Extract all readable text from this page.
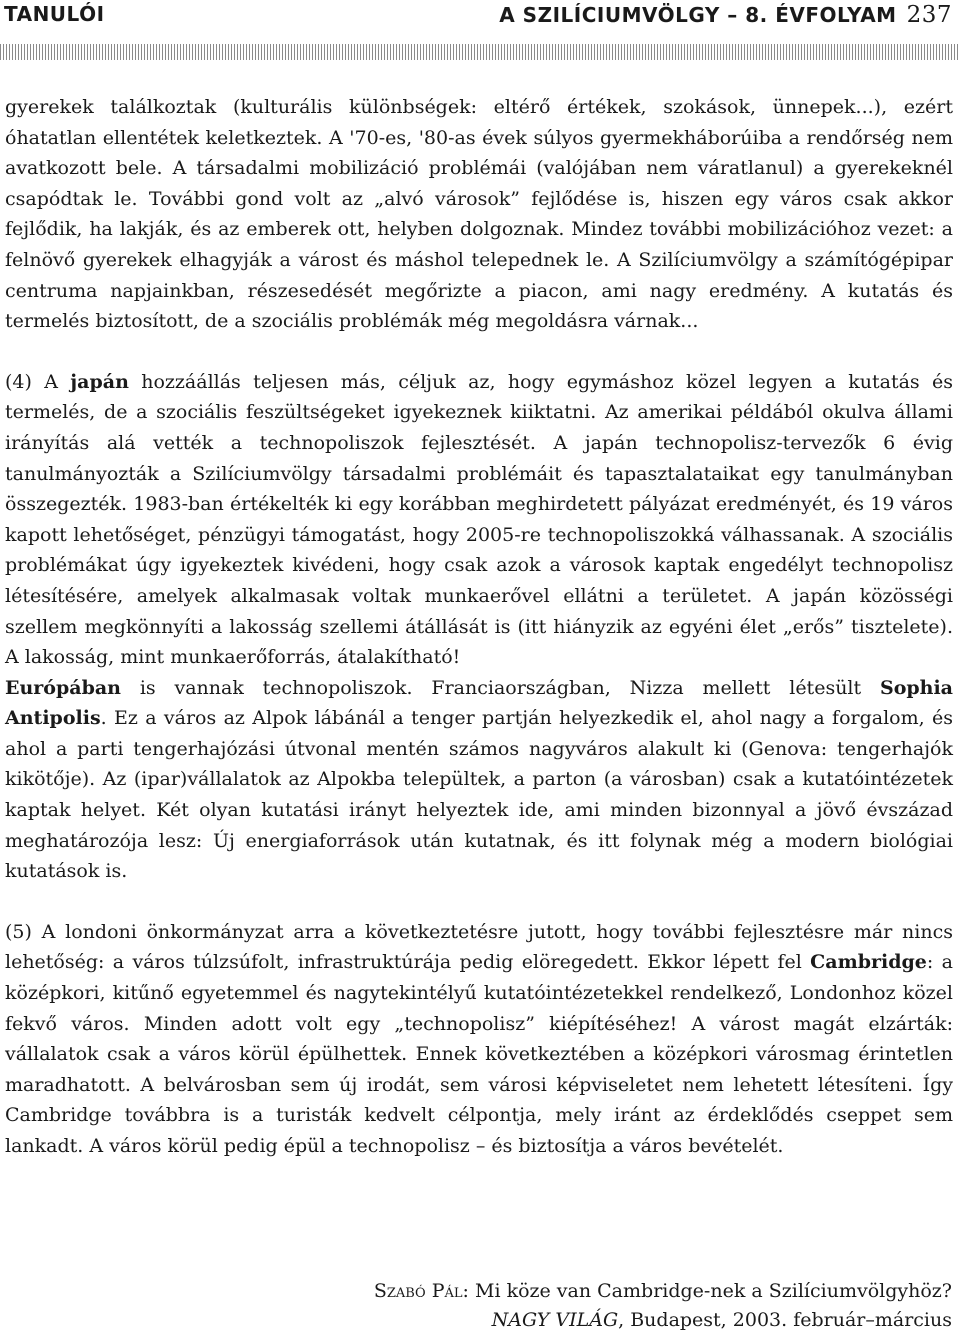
TANULÓI	A SZILÍCIUMVÖLGY – 8. ÉVFOLYAM 237

gyerekek találkoztak (kulturális különbségek: eltérő értékek, szokások, ünnepek...), ezért óhatatlan ellentétek keletkeztek. A '70-es, '80-as évek súlyos gyermekháborúiba a rendőrség nem avatkozott bele. A társadalmi mobilizáció problémái (valójában nem váratlanul) a gyerekeknél csapódtak le. További gond volt az „alvó városok” fejlődése is, hiszen egy város csak akkor fejlődik, ha lakják, és az emberek ott, helyben dolgoznak. Mindez további mobilizációhoz vezet: a felnövő gyerekek elhagyják a várost és máshol telepednek le. A Szilíciumvölgy a számítógépipar centruma napjainkban, részesedését megőrizte a piacon, ami nagy eredmény. A kutatás és termelés biztosított, de a szociális problémák még megoldásra várnak...

(4) A japán hozzáállás teljesen más, céljuk az, hogy egymáshoz közel legyen a kutatás és termelés, de a szociális feszültségeket igyekeznek kiiktatni. Az amerikai példából okulva állami irányítás alá vették a technopoliszok fejlesztését. A japán technopolisz-tervezők 6 évig tanulmányozták a Szilíciumvölgy társadalmi problémáit és tapasztalataikat egy tanulmányban összegezték. 1983-ban értékelték ki egy korábban meghirdetett pályázat eredményét, és 19 város kapott lehetőséget, pénzügyi támogatást, hogy 2005-re technopoliszokká válhassanak. A szociális problémákat úgy igyekeztek kivédeni, hogy csak azok a városok kaptak engedélyt technopolisz létesítésére, amelyek alkalmasak voltak munkaerővel ellátni a területet. A japán közösségi szellem megkönnyíti a lakosság szellemi átállását is (itt hiányzik az egyéni élet „erős” tisztelete). A lakosság, mint munkaerőforrás, átalakítható!

Európában is vannak technopoliszok. Franciaországban, Nizza mellett létesült Sophia Antipolis. Ez a város az Alpok lábánál a tenger partján helyezkedik el, ahol nagy a forgalom, és ahol a parti tengerhajózási útvonal mentén számos nagyváros alakult ki (Genova: tengerhajók kikötője). Az (ipar)vállalatok az Alpokba települtek, a parton (a városban) csak a kutatóintézetek kaptak helyet. Két olyan kutatási irányt helyeztek ide, ami minden bizonnyal a jövő évszázad meghatározója lesz: Új energiaforrások után kutatnak, és itt folynak még a modern biológiai kutatások is.

(5) A londoni önkormányzat arra a következtetésre jutott, hogy további fejlesztésre már nincs lehetőség: a város túlzsúfolt, infrastruktúrája pedig elöregedett. Ekkor lépett fel Cambridge: a középkori, kitűnő egyetemmel és nagytekintélyű kutatóintézetekkel rendelkező, Londonhoz közel fekvő város. Minden adott volt egy „technopolisz” kiépítéséhez! A várost magát elzárták: vállalatok csak a város körül épülhettek. Ennek következtében a középkori városmag érintetlen maradhatott. A belvárosban sem új irodát, sem városi képviseletet nem lehetett létesíteni. Így Cambridge továbbra is a turisták kedvelt célpontja, mely iránt az érdeklődés cseppet sem lankadt. A város körül pedig épül a technopolisz – és biztosítja a város bevételét.

Szabó Pál: Mi köze van Cambridge-nek a Szilíciumvölgyhöz?
NAGY VILÁG, Budapest, 2003. február–március
